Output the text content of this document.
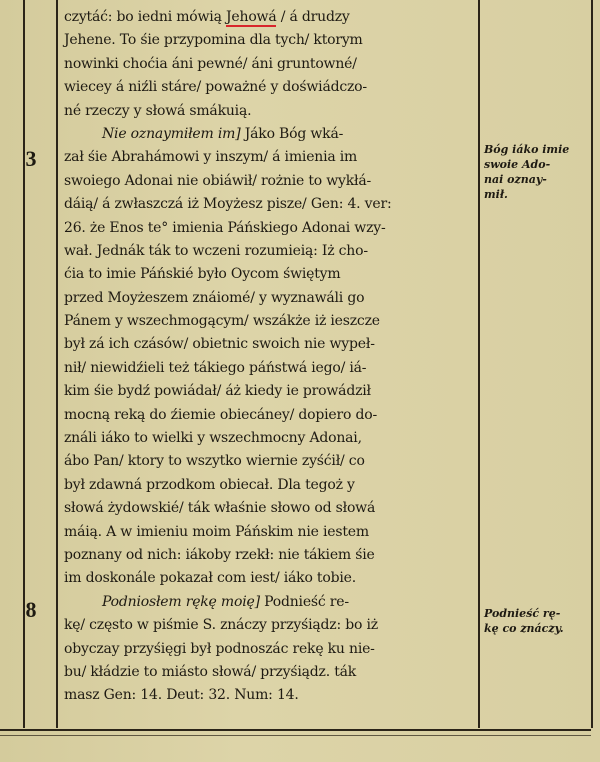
3
8
czytáć: bo iedni mówią Jehowá / á drudzy
Jehene. To śie przypomina dla tych/ ktorym
nowinki choćia áni pewné/ áni gruntowné/
wiecey á niźli stáre/ poważné y doświádczo-
né rzeczy y słowá smákuią.
Nie oznaymiłem im] Jáko Bóg wká-
zał śie Abrahámowi y inszym/ á imienia im
swoiego Adonai nie obiáwił/ rożnie to wykłá-
dáią/ á zwłaszczá iż Moyżesz pisze/ Gen: 4. ver:
26. że Enos te° imienia Páńskiego Adonai wzy-
wał. Jednák ták to wczeni rozumieią: Iż cho-
ćia to imie Páńskié było Oycom świętym
przed Moyżeszem znáiomé/ y wyznawáli go
Pánem y wszechmogącym/ wszákże iż ieszcze
był zá ich czásów/ obietnic swoich nie wypeł-
nił/ niewidźieli też tákiego páństwá iego/ iá-
kim śie bydź powiádał/ áż kiedy ie prowádził
mocną reką do źiemie obiecáney/ dopiero do-
ználi iáko to wielki y wszechmocny Adonai,
ábo Pan/ ktory to wszytko wiernie zyśćił/ co
był zdawná przodkom obiecał. Dla tegoż y
słowá żydowskié/ ták właśnie słowo od słowá
máią. A w imieniu moim Páńskim nie iestem
poznany od nich: iákoby rzekł: nie tákiem śie
im doskonále pokazał com iest/ iáko tobie.
Podniosłem rękę moię] Podnieść re-
kę/ często w piśmie S. znáczy przyśiądz: bo iż
obyczay przyśięgi był podnoszác rekę ku nie-
bu/ kłádzie to miásto słowá/ przyśiądz. ták
masz Gen: 14. Deut: 32. Num: 14.
Bóg iáko imie
swoie Ado-
nai oznay-
mił.
Podnieść rę-
kę co znáczy.
